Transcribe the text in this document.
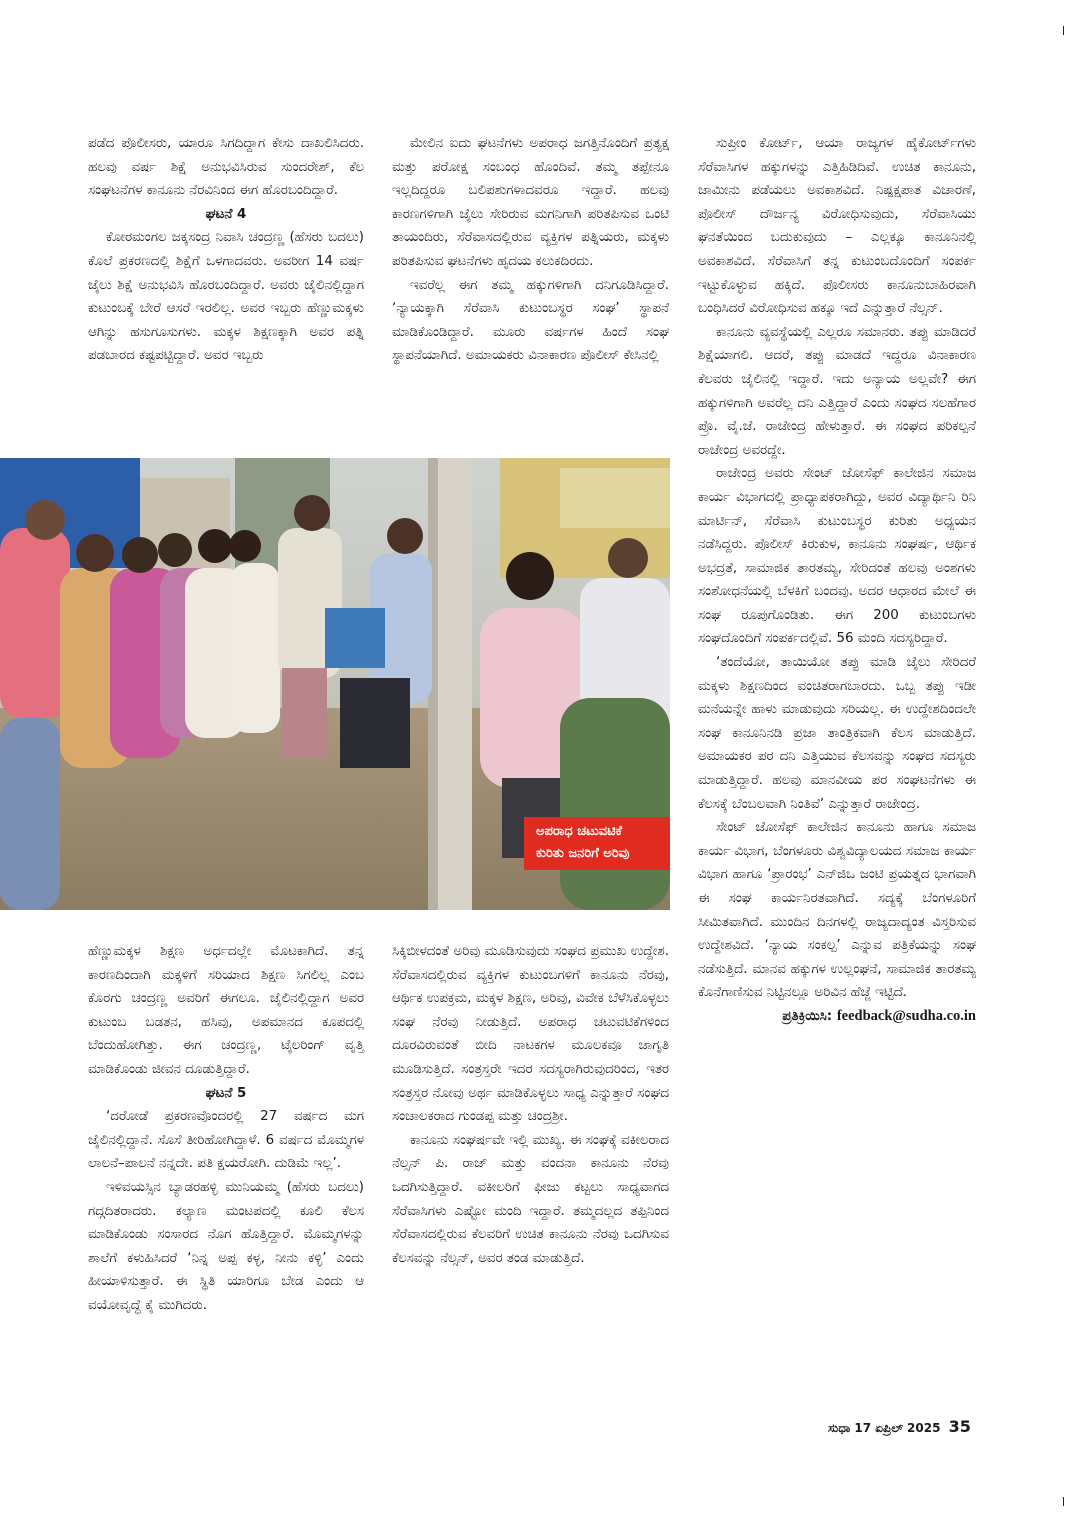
ಪಡೆದ ಪೊಲೀಸರು, ಯಾರೂ ಸಿಗದಿದ್ದಾಗ ಕೇಸು ದಾಖಲಿಸಿದರು. ಹಲವು ವರ್ಷ ಶಿಕ್ಷೆ ಅನುಭವಿಸಿರುವ ಸುಂದರೇಶ್, ಕೆಲ ಸಂಘಟನೆಗಳ ಕಾನೂನು ನೆರವಿನಿಂದ ಈಗ ಹೊರಬಂದಿದ್ದಾರೆ.

ಘಟನೆ 4

ಕೋರಮಂಗಲ ಜಕ್ಕಸಂದ್ರ ನಿವಾಸಿ ಚಂದ್ರಣ್ಣ (ಹೆಸರು ಬದಲು) ಕೊಲೆ ಪ್ರಕರಣದಲ್ಲಿ ಶಿಕ್ಷೆಗೆ ಒಳಗಾದವರು. ಅವರೀಗ 14 ವರ್ಷ ಜೈಲು ಶಿಕ್ಷೆ ಅನುಭವಿಸಿ ಹೊರಬಂದಿದ್ದಾರೆ. ಅವರು ಜೈಲಿನಲ್ಲಿದ್ದಾಗ ಕುಟುಂಬಕ್ಕೆ ಬೇರೆ ಆಸರೆ ಇರಲಿಲ್ಲ. ಅವರ ಇಬ್ಬರು ಹೆಣ್ಣುಮಕ್ಕಳು ಆಗಿನ್ನು ಹಸುಗೂಸುಗಳು. ಮಕ್ಕಳ ಶಿಕ್ಷಣಕ್ಕಾಗಿ ಅವರ ಪತ್ನಿ ಪಡಬಾರದ ಕಷ್ಟಪಟ್ಟಿದ್ದಾರೆ. ಅವರ ಇಬ್ಬರು

ಮೇಲಿನ ಐದು ಘಟನೆಗಳು ಅಪರಾಧ ಜಗತ್ತಿನೊಂದಿಗೆ ಪ್ರತ್ಯಕ್ಷ ಮತ್ತು ಪರೋಕ್ಷ ಸಂಬಂಧ ಹೊಂದಿವೆ. ತಮ್ಮ ತಪ್ಪೇನೂ ಇಲ್ಲದಿದ್ದರೂ ಬಲಿಪಶುಗಳಾದವರೂ ಇದ್ದಾರೆ. ಹಲವು ಕಾರಣಗಳಿಗಾಗಿ ಜೈಲು ಸೇರಿರುವ ಮಗನಿಗಾಗಿ ಪರಿತಪಿಸುವ ಒಂಟಿ ತಾಯಂದಿರು, ಸೆರೆವಾಸದಲ್ಲಿರುವ ವ್ಯಕ್ತಿಗಳ ಪತ್ನಿಯರು, ಮಕ್ಕಳು ಪರಿತಪಿಸುವ ಘಟನೆಗಳು ಹೃದಯ ಕಲುಕದಿರದು.

ಇವರೆಲ್ಲ ಈಗ ತಮ್ಮ ಹಕ್ಕುಗಳಿಗಾಗಿ ದನಿಗೂಡಿಸಿದ್ದಾರೆ. ‘ನ್ಯಾಯಕ್ಕಾಗಿ ಸೆರೆವಾಸಿ ಕುಟುಂಬಸ್ಥರ ಸಂಘ’ ಸ್ಥಾಪನೆ ಮಾಡಿಕೊಂಡಿದ್ದಾರೆ. ಮೂರು ವರ್ಷಗಳ ಹಿಂದೆ ಸಂಘ ಸ್ಥಾಪನೆಯಾಗಿದೆ. ಅಮಾಯಕರು ವಿನಾಕಾರಣ ಪೊಲೀಸ್ ಕೇಸಿನಲ್ಲಿ

ಸುಪ್ರೀಂ ಕೋರ್ಟ್, ಆಯಾ ರಾಜ್ಯಗಳ ಹೈಕೋರ್ಟ್‌ಗಳು ಸೆರೆವಾಸಿಗಳ ಹಕ್ಕುಗಳನ್ನು ಎತ್ತಿಹಿಡಿದಿವೆ. ಉಚಿತ ಕಾನೂನು, ಜಾಮೀನು ಪಡೆಯಲು ಅವಕಾಶವಿದೆ. ನಿಷ್ಪಕ್ಷಪಾತ ವಿಚಾರಣೆ, ಪೊಲೀಸ್ ದೌರ್ಜನ್ಯ ವಿರೋಧಿಸುವುದು, ಸೆರೆವಾಸಿಯು ಘನತೆಯಿಂದ ಬದುಕುವುದು – ಎಲ್ಲಕ್ಕೂ ಕಾನೂನಿನಲ್ಲಿ ಅವಕಾಶವಿದೆ. ಸೆರೆವಾಸಿಗೆ ತನ್ನ ಕುಟುಂಬದೊಂದಿಗೆ ಸಂಪರ್ಕ ಇಟ್ಟುಕೊಳ್ಳುವ ಹಕ್ಕಿದೆ. ಪೊಲೀಸರು ಕಾನೂನುಬಾಹಿರವಾಗಿ ಬಂಧಿಸಿದರೆ ವಿರೋಧಿಸುವ ಹಕ್ಕೂ ಇದೆ ಎನ್ನುತ್ತಾರೆ ನೆಲ್ಸನ್.

ಕಾನೂನು ವ್ಯವಸ್ಥೆಯಲ್ಲಿ ಎಲ್ಲರೂ ಸಮಾನರು. ತಪ್ಪು ಮಾಡಿದರೆ ಶಿಕ್ಷೆಯಾಗಲಿ. ಆದರೆ, ತಪ್ಪು ಮಾಡದೆ ಇದ್ದರೂ ವಿನಾಕಾರಣ ಕೆಲವರು ಜೈಲಿನಲ್ಲಿ ಇದ್ದಾರೆ. ಇದು ಅನ್ಯಾಯ ಅಲ್ಲವೇ? ಈಗ ಹಕ್ಕುಗಳಿಗಾಗಿ ಅವರೆಲ್ಲ ದನಿ ಎತ್ತಿದ್ದಾರೆ ಎಂದು ಸಂಘದ ಸಲಹೆಗಾರ ಪ್ರೊ. ವೈ.ಜೆ. ರಾಜೇಂದ್ರ ಹೇಳುತ್ತಾರೆ. ಈ ಸಂಘದ ಪರಿಕಲ್ಪನೆ ರಾಜೇಂದ್ರ ಅವರದ್ದೇ.

ರಾಜೇಂದ್ರ ಅವರು ಸೇಂಟ್ ಜೋಸೆಫ್ ಕಾಲೇಜಿನ ಸಮಾಜ ಕಾರ್ಯ ವಿಭಾಗದಲ್ಲಿ ಪ್ರಾಧ್ಯಾಪಕರಾಗಿದ್ದು, ಅವರ ವಿದ್ಯಾರ್ಥಿನಿ ರಿನಿ ಮಾರ್ಟಿನ್, ಸೆರೆವಾಸಿ ಕುಟುಂಬಸ್ಥರ ಕುರಿತು ಅಧ್ಯಯನ ನಡೆಸಿದ್ದರು. ಪೊಲೀಸ್ ಕಿರುಕುಳ, ಕಾನೂನು ಸಂಘರ್ಷ, ಆರ್ಥಿಕ ಅಭದ್ರತೆ, ಸಾಮಾಜಿಕ ತಾರತಮ್ಯ, ಸೇರಿದಂತೆ ಹಲವು ಅಂಶಗಳು ಸಂಶೋಧನೆಯಲ್ಲಿ ಬೆಳಕಿಗೆ ಬಂದವು. ಅದರ ಆಧಾರದ ಮೇಲೆ ಈ ಸಂಘ ರೂಪುಗೊಂಡಿತು. ಈಗ 200 ಕುಟುಂಬಗಳು ಸಂಘದೊಂದಿಗೆ ಸಂಪರ್ಕದಲ್ಲಿವೆ. 56 ಮಂದಿ ಸದಸ್ಯರಿದ್ದಾರೆ.

‘ತಂದೆಯೋ, ತಾಯಿಯೋ ತಪ್ಪು ಮಾಡಿ ಜೈಲು ಸೇರಿದರೆ ಮಕ್ಕಳು ಶಿಕ್ಷಣದಿಂದ ವಂಚಿತರಾಗಬಾರದು. ಒಬ್ಬ ತಪ್ಪು ಇಡೀ ಮನೆಯನ್ನೇ ಹಾಳು ಮಾಡುವುದು ಸರಿಯಲ್ಲ. ಈ ಉದ್ದೇಶದಿಂದಲೇ ಸಂಘ ಕಾನೂನಿನಡಿ ಪ್ರಜಾ ತಾಂತ್ರಿಕವಾಗಿ ಕೆಲಸ ಮಾಡುತ್ತಿದೆ. ಅಮಾಯಕರ ಪರ ದನಿ ಎತ್ತಿಯುವ ಕೆಲಸವನ್ನು ಸಂಘದ ಸದಸ್ಯರು ಮಾಡುತ್ತಿದ್ದಾರೆ. ಹಲವು ಮಾನವೀಯ ಪರ ಸಂಘಟನೆಗಳು ಈ ಕೆಲಸಕ್ಕೆ ಬೆಂಬಲವಾಗಿ ನಿಂತಿವೆ’ ಎನ್ನುತ್ತಾರೆ ರಾಜೇಂದ್ರ.

ಸೇಂಟ್ ಜೋಸೆಫ್ ಕಾಲೇಜಿನ ಕಾನೂನು ಹಾಗೂ ಸಮಾಜ ಕಾರ್ಯ ವಿಭಾಗ, ಬೆಂಗಳೂರು ವಿಶ್ವವಿದ್ಯಾಲಯದ ಸಮಾಜ ಕಾರ್ಯ ವಿಭಾಗ ಹಾಗೂ ‘ಪ್ರಾರಂಭ’ ಎನ್‌ಜಿಒ ಜಂಟಿ ಪ್ರಯತ್ನದ ಭಾಗವಾಗಿ ಈ ಸಂಘ ಕಾರ್ಯನಿರತವಾಗಿದೆ. ಸದ್ಯಕ್ಕೆ ಬೆಂಗಳೂರಿಗೆ ಸೀಮಿತವಾಗಿದೆ. ಮುಂದಿನ ದಿನಗಳಲ್ಲಿ ರಾಜ್ಯದಾದ್ಯಂತ ವಿಸ್ತರಿಸುವ ಉದ್ದೇಶವಿದೆ. ‘ನ್ಯಾಯ ಸಂಕಲ್ಪ’ ಎನ್ನುವ ಪತ್ರಿಕೆಯನ್ನು ಸಂಘ ನಡೆಸುತ್ತಿದೆ. ಮಾನವ ಹಕ್ಕುಗಳ ಉಲ್ಲಂಘನೆ, ಸಾಮಾಜಿಕ ತಾರತಮ್ಯ ಕೊನೆಗಾಣಿಸುವ ನಿಟ್ಟಿನಲ್ಲೂ ಅರಿವಿನ ಹೆಜ್ಜೆ ಇಟ್ಟಿದೆ.

ಪ್ರತಿಕ್ರಿಯಿಸಿ: feedback@sudha.co.in

ಅಪರಾಧ ಚಟುವಟಿಕೆ
ಕುರಿತು ಜನರಿಗೆ ಅರಿವು

ಹೆಣ್ಣುಮಕ್ಕಳ ಶಿಕ್ಷಣ ಅರ್ಧದಲ್ಲೇ ಮೊಟಕಾಗಿದೆ. ತನ್ನ ಕಾರಣದಿಂದಾಗಿ ಮಕ್ಕಳಿಗೆ ಸರಿಯಾದ ಶಿಕ್ಷಣ ಸಿಗಲಿಲ್ಲ ಎಂಬ ಕೊರಗು ಚಂದ್ರಣ್ಣ ಅವರಿಗೆ ಈಗಲೂ. ಜೈಲಿನಲ್ಲಿದ್ದಾಗ ಅವರ ಕುಟುಂಬ ಬಡತನ, ಹಸಿವು, ಅಪಮಾನದ ಕೂಪದಲ್ಲಿ ಬೆಂದುಹೋಗಿತ್ತು. ಈಗ ಚಂದ್ರಣ್ಣ, ಟೈಲರಿಂಗ್ ವೃತ್ತಿ ಮಾಡಿಕೊಂಡು ಜೀವನ ದೂಡುತ್ತಿದ್ದಾರೆ.

ಘಟನೆ 5

‘ದರೋಡೆ ಪ್ರಕರಣವೊಂದರಲ್ಲಿ 27 ವರ್ಷದ ಮಗ ಜೈಲಿನಲ್ಲಿದ್ದಾನೆ. ಸೊಸೆ ತೀರಿಹೋಗಿದ್ದಾಳೆ. 6 ವರ್ಷದ ಮೊಮ್ಮಗಳ ಲಾಲನೆ–ಪಾಲನೆ ನನ್ನದೇ. ಪತಿ ಕ್ಷಯರೋಗಿ. ದುಡಿಮೆ ಇಲ್ಲ’.

ಇಳಿವಯಸ್ಸಿನ ಬ್ಯಾಡರಹಳ್ಳಿ ಮುನಿಯಮ್ಮ (ಹೆಸರು ಬದಲು) ಗದ್ಗದಿತರಾದರು. ಕಲ್ಯಾಣ ಮಂಟಪದಲ್ಲಿ ಕೂಲಿ ಕೆಲಸ ಮಾಡಿಕೊಂಡು ಸಂಸಾರದ ನೊಗ ಹೊತ್ತಿದ್ದಾರೆ. ಮೊಮ್ಮಗಳನ್ನು ಶಾಲೆಗೆ ಕಳುಹಿಸಿದರೆ ‘ನಿನ್ನ ಅಪ್ಪ ಕಳ್ಳ, ನೀನು ಕಳ್ಳಿ’ ಎಂದು ಹೀಯಾಳಿಸುತ್ತಾರೆ. ಈ ಸ್ಥಿತಿ ಯಾರಿಗೂ ಬೇಡ ಎಂದು ಆ ವಯೋವೃದ್ಧೆ ಕೈ ಮುಗಿದರು.

ಸಿಕ್ಕಿಬೀಳದಂತೆ ಅರಿವು ಮೂಡಿಸುವುದು ಸಂಘದ ಪ್ರಮುಖ ಉದ್ದೇಶ. ಸೆರೆವಾಸದಲ್ಲಿರುವ ವ್ಯಕ್ತಿಗಳ ಕುಟುಂಬಗಳಿಗೆ ಕಾನೂನು ನೆರವು, ಆರ್ಥಿಕ ಉಪಕ್ರಮ, ಮಕ್ಕಳ ಶಿಕ್ಷಣ, ಅರಿವು, ವಿವೇಕ ಬೆಳೆಸಿಕೊಳ್ಳಲು ಸಂಘ ನೆರವು ನೀಡುತ್ತಿದೆ. ಅಪರಾಧ ಚಟುವಟಿಕೆಗಳಿಂದ ದೂರವಿರುವಂತೆ ಬೀದಿ ನಾಟಕಗಳ ಮೂಲಕವೂ ಜಾಗೃತಿ ಮೂಡಿಸುತ್ತಿದೆ. ಸಂತ್ರಸ್ತರೇ ಇದರ ಸದಸ್ಯರಾಗಿರುವುದರಿಂದ, ಇತರ ಸಂತ್ರಸ್ತರ ನೋವು ಅರ್ಥ ಮಾಡಿಕೊಳ್ಳಲು ಸಾಧ್ಯ ಎನ್ನುತ್ತಾರೆ ಸಂಘದ ಸಂಚಾಲಕರಾದ ಗುಂಡಪ್ಪ ಮತ್ತು ಚಂದ್ರಶ್ರೀ.

ಕಾನೂನು ಸಂಘರ್ಷವೇ ಇಲ್ಲಿ ಮುಖ್ಯ. ಈ ಸಂಘಕ್ಕೆ ವಕೀಲರಾದ ನೆಲ್ಸನ್ ಪಿ. ರಾಜ್ ಮತ್ತು ವಂದನಾ ಕಾನೂನು ನೆರವು ಒದಗಿಸುತ್ತಿದ್ದಾರೆ. ವಕೀಲರಿಗೆ ಫೀಜು ಕಟ್ಟಲು ಸಾಧ್ಯವಾಗದ ಸೆರೆವಾಸಿಗಳು ಎಷ್ಟೋ ಮಂದಿ ಇದ್ದಾರೆ. ತಮ್ಮದಲ್ಲದ ತಪ್ಪಿನಿಂದ ಸೆರೆವಾಸದಲ್ಲಿರುವ ಕೆಲವರಿಗೆ ಉಚಿತ ಕಾನೂನು ನೆರವು ಒದಗಿಸುವ ಕೆಲಸವನ್ನು ನೆಲ್ಸನ್, ಅವರ ತಂಡ ಮಾಡುತ್ತಿದೆ.

ಸುಧಾ 17 ಏಪ್ರಿಲ್ 2025 35
